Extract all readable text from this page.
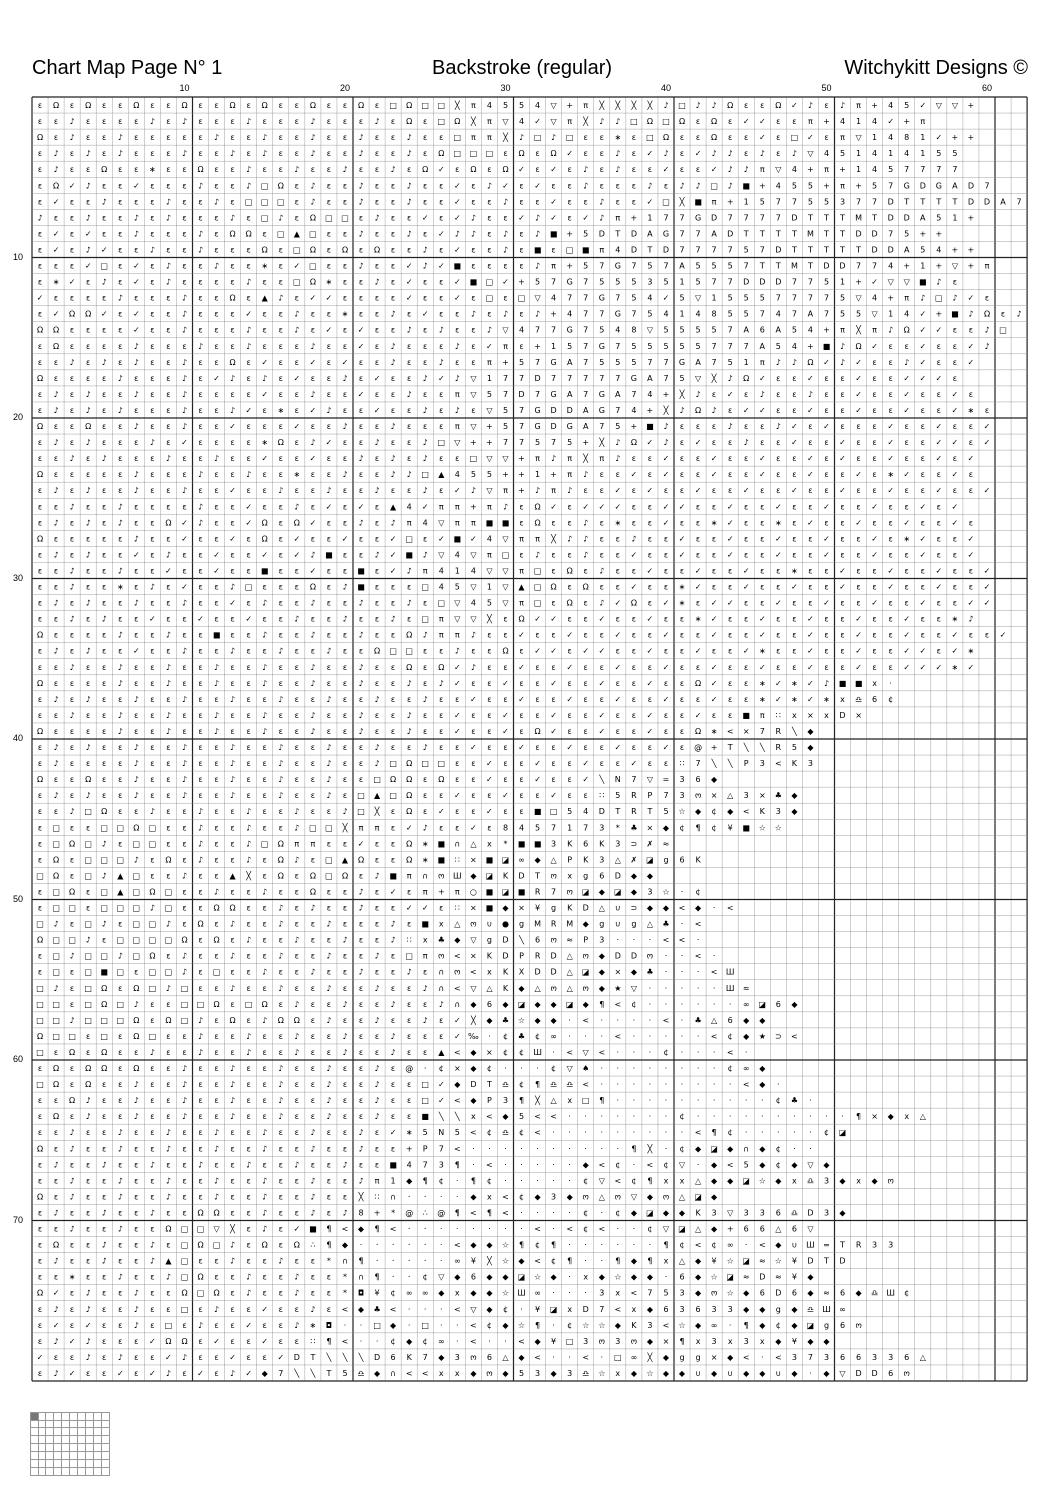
Chart Map Page N° 1	Backstroke (regular)	Witchykitt Designs ©
10	20	30	40	50	60
10
20
30
40
50
60
70
ε Ω ε Ω ε ε Ω ε ε Ω ε ε Ω ε Ω ε ε Ω ε ε Ω ε □ Ω □ □ ╳ π 4 5 5 4 ▽ + π ╳ ╳ ╳ ╳ ♪ □ ♪ ♪ Ω ε ε Ω ✓ ♪ ε ♪ π + 4 5 ✓ ▽ ▽ +
ε ε ♪ ε ε ε ε ♪ ε ♪ ε ε ε ♪ ε ε ε ♪ ε ε ε ♪ ε Ω ε □ Ω ╳ π ▽ 4 ✓ ▽ π ╳ ♪ ♪ □ Ω □ Ω ε Ω ε ✓ ✓ ε ε π + 4 1 4 ✓ + π
Ω ε ♪ ε ε ♪ ε ε ε ε ε ♪ ε ε ♪ ε ε ♪ ε ε ♪ ε ε ♪ ε ε □ π π ╳ ♪ □ ♪ □ ε ε ∗ ε □ Ω ε ε Ω ε ε ✓ ε □ ✓ ε π ▽ 1 4 8 1 ✓ + +
ε ♪ ε ♪ ε ♪ ε ε ε ♪ ε ε ♪ ε ♪ ε ε ♪ ε ε ♪ ε ε ♪ ε Ω □ □ □ ε Ω ε Ω ✓ ε ε ♪ ε ✓ ♪ ε ✓ ♪ ♪ ε ♪ ε ♪ ▽ 4 5 1 4 1 4 1 5 5
ε ♪ ε ε Ω ε ε ∗ ε ε Ω ε ε ♪ ε ε ♪ ε ε ♪ ε ε ♪ ε Ω ✓ ε Ω ε Ω ✓ ε ✓ ε ♪ ε ♪ ε ε ✓ ε ε ✓ ♪ ♪ π ▽ 4 + π + 1 4 5 7 7 7 7
ε Ω ✓ ♪ ε ε ✓ ε ε ε ♪ ε ε ♪ □ Ω ε ♪ ε ε ♪ ε ε ♪ ε ε ✓ ε ♪ ✓ ε ✓ ε ε ♪ ε ε ε ♪ ε ♪ ♪ □ ♪ ■ + 4 5 5 + π + 5 7 G D G A D 7
ε ✓ ε ε ♪ ε ε ε ♪ ε ε ♪ ε □ □ □ ε ♪ ε ε ♪ ε ε ♪ ε ε ✓ ε ε ♪ ε ε ✓ ε ε ♪ ε ε ✓ □ ╳ ■ π + 1 5 7 7 5 5 3 7 7 D T T T T D D A 7
♪ ε ε ♪ ε ε ♪ ε ♪ ε ε ε ♪ ε □ ♪ ε Ω □ □ ε ♪ ε ε ✓ ε ✓ ♪ ε ε ✓ ♪ ✓ ε ✓ ♪ π + 1 7 7 G D 7 7 7 7 D T T T M T D D A 5 1 +
ε ✓ ε ✓ ε ε ♪ ε ε ε ♪ ε Ω Ω ε □ ▲ □ ε ε ♪ ε ε ♪ ε ✓ ♪ ♪ ε ♪ ε ♪ ■ + 5 D T D A G 7 7 A D T T T T M T T D D 7 5 + +
ε ✓ ε ♪ ✓ ε ε ♪ ε ε ♪ ε ε ε Ω ε □ Ω ε Ω ε Ω ε ε ♪ ε ✓ ε ε ♪ ε ■ ε □ ■ π 4 D T D 7 7 7 7 5 7 D T T T T T D D A 5 4 + +
ε ε ε ✓ □ ε ✓ ε ♪ ε ε ♪ ε ε ∗ ε ✓ □ ε ε ♪ ε ε ✓ ♪ ✓ ■ ε ε ε ε ♪ π + 5 7 G 7 5 7 A 5 5 5 7 T T M T D D 7 7 4 + 1 + ▽ + π
ε ∗ ✓ ε ♪ ε ✓ ε ♪ ε ε ε ε ♪ ε ε □ Ω ∗ ε ε ♪ ε ✓ ε ε ✓ ■ □ ✓ + 5 7 G 7 5 5 5 3 5 1 5 7 7 D D D 7 7 5 1 + ✓ ▽ ▽ ■ ♪ ε
✓ ε ε ε ε ♪ ε ε ε ♪ ε ε Ω ε ▲ ♪ ε ✓ ✓ ε ε ε ε ✓ ε ε ✓ ε □ ε □ ▽ 4 7 7 G 7 5 4 ✓ 5 ▽ 1 5 5 5 7 7 7 7 5 ▽ 4 + π ♪ □ ♪ ✓ ε
ε ✓ Ω Ω ✓ ε ✓ ε ε ♪ ε ε ε ✓ ε ε ♪ ε ε ∗ ε ε ♪ ε ✓ ε ε ♪ ε ♪ ε ♪ + 4 7 7 G 7 5 4 1 4 8 5 5 7 4 7 A 7 5 5 ▽ 1 4 ✓ + ■ ♪ Ω ε ♪
Ω Ω ε ε ε ε ✓ ε ε ♪ ε ε ε ♪ ε ε ♪ ε ✓ ε ✓ ε ε ♪ ε ♪ ε ε ♪ ▽ 4 7 7 G 7 5 4 8 ▽ 5 5 5 5 7 A 6 A 5 4 + π ╳ π ♪ Ω ✓ ✓ ε ε ♪ □
ε Ω ε ε ε ε ♪ ε ε ε ♪ ε ε ♪ ε ε ε ♪ ε ε ✓ ε ♪ ε ε ε ♪ ε ✓ π ε + 1 5 7 G 7 5 5 5 5 5 7 7 7 A 5 4 + ■ ♪ Ω ✓ ε ε ✓ ε ε ✓ ♪
ε ε ♪ ε ♪ ε ♪ ε ε ♪ ε ε Ω ε ✓ ε ε ✓ ε ✓ ε ε ♪ ε ε ♪ ε ε π + 5 7 G A 7 5 5 5 7 7 G A 7 5 1 π ♪ ♪ Ω ✓ ♪ ✓ ε ε ♪ ✓ ε ε ✓
Ω ε ε ε ε ♪ ε ε ε ♪ ε ✓ ♪ ε ♪ ε ✓ ε ε ♪ ε ✓ ε ε ♪ ✓ ♪ ▽ 1 7 7 D 7 7 7 7 7 G A 7 5 ▽ ╳ ♪ Ω ✓ ε ε ✓ ε ε ✓ ε ε ✓ ✓ ✓ ε
ε ♪ ε ♪ ε ε ♪ ε ε ♪ ε ε ε ε ✓ ε ε ♪ ε ε ✓ ε ε ♪ ε ε π ▽ 5 7 D 7 G A 7 G A 7 4 + ╳ ♪ ε ✓ ε ♪ ε ε ♪ ε ε ✓ ε ε ✓ ε ε ✓ ε
ε ♪ ε ♪ ε ♪ ε ε ε ♪ ε ε ♪ ✓ ε ∗ ε ✓ ♪ ε ε ✓ ε ε ♪ ε ♪ ε ▽ 5 7 G D D A G 7 4 + ╳ ♪ Ω ♪ ε ✓ ✓ ε ε ✓ ε ε ✓ ε ε ✓ ε ε ✓ ∗ ε
Ω ε ε Ω ε ε ♪ ε ε ♪ ε ε ✓ ε ε ε ✓ ε ε ♪ ε ε ♪ ε ε ε π ▽ + 5 7 G D G A 7 5 + ■ ♪ ε ε ε ♪ ε ε ♪ ✓ ε ✓ ε ε ε ✓ ε ε ✓ ε ε ✓
ε ♪ ε ♪ ε ε ε ♪ ε ✓ ε ε ε ε ∗ Ω ε ♪ ✓ ε ε ♪ ε ε ♪ □ ▽ + + 7 7 5 7 5 + ╳ ♪ Ω ✓ ♪ ε ✓ ε ε ♪ ε ε ✓ ε ε ✓ ε ε ✓ ε ε ✓ ✓ ε ✓
ε ε ♪ ε ♪ ε ε ε ♪ ε ε ♪ ε ε ✓ ε ε ✓ ε ε ♪ ε ♪ ε ♪ ε ε □ ▽ ▽ + π ♪ π ╳ π ♪ ε ε ✓ ε ε ✓ ε ε ✓ ε ε ✓ ε ✓ ε ε ✓ ε ε ✓ ε ✓
Ω ε ε ε ε ε ♪ ε ε ε ♪ ε ε ♪ ε ε ∗ ε ε ♪ ε ε ♪ ♪ □ ▲ 4 5 5 + + 1 + π ♪ ε ε ✓ ε ✓ ε ε ✓ ε ε ✓ ε ε ✓ ε ε ✓ ε ∗ ✓ ε ε ✓ ε
ε ♪ ε ♪ ε ε ♪ ε ε ♪ ε ε ✓ ε ε ♪ ε ε ♪ ε ε ♪ ε ε ♪ ε ✓ ♪ ▽ π + ♪ π ♪ ε ε ✓ ε ✓ ε ε ✓ ε ε ✓ ε ε ✓ ε ε ✓ ε ε ✓ ε ε ✓ ε ε ✓
ε ε ♪ ε ε ♪ ε ε ε ε ♪ ε ε ✓ ε ε ♪ ε ✓ ε ✓ ε ▲ 4 ✓ π π + π ♪ ε Ω ✓ ε ✓ ✓ ✓ ε ε ✓ ✓ ε ε ✓ ε ε ✓ ε ε ✓ ε ε ✓ ε ε ✓ ε ✓
ε ♪ ε ♪ ε ♪ ε ε Ω ✓ ♪ ε ε ✓ Ω ε Ω ✓ ε ε ♪ ε ♪ π 4 ▽ π π ■ ■ ε Ω ε ε ♪ ε ∗ ε ε ✓ ε ε ∗ ✓ ε ε ∗ ε ✓ ε ε ✓ ε ε ✓ ε ε ✓ ε
Ω ε ε ε ε ε ♪ ε ε ✓ ε ε ✓ ε Ω ε ✓ ε ε ✓ ε ε ✓ □ ε ✓ ■ ✓ 4 ▽ π π ╳ ♪ ♪ ε ε ♪ ε ε ✓ ε ε ✓ ε ε ✓ ε ε ✓ ε ε ✓ ε ∗ ✓ ε ε ✓
ε ♪ ε ♪ ε ε ✓ ε ♪ ε ε ✓ ε ε ✓ ε ✓ ♪ ■ ε ε ♪ ✓ ■ ♪ ▽ 4 ▽ π □ ε ♪ ε ε ♪ ε ε ✓ ε ε ✓ ε ε ✓ ε ε ✓ ε ε ✓ ε ε ✓ ε ε ✓ ε ε ✓
ε ε ♪ ε ε ♪ ε ε ✓ ε ε ✓ ε ε ■ ε ε ✓ ε ε ■ ε ✓ ♪ π 4 1 4 ▽ ▽ π □ ε Ω ε ♪ ε ε ✓ ε ε ✓ ε ε ✓ ε ε ∗ ε ε ✓ ε ε ✓ ε ε ✓ ε ε ✓
ε ε ♪ ε ε ∗ ε ♪ ε ✓ ε ε ♪ □ ε ε ε Ω ε ♪ ■ ε ε ε □ 4 5 ▽ 1 ▽ ▲ □ Ω ε Ω ε ε ✓ ε ε ∗ ✓ ε ε ✓ ε ε ✓ ε ε ✓ ε ε ✓ ε ε ✓ ε ε ✓
ε ♪ ε ♪ ε ε ♪ ε ε ♪ ε ε ✓ ε ♪ ε ε ♪ ε ε ♪ ε ε ♪ ε □ ▽ 4 5 ▽ π □ ε Ω ε ♪ ✓ Ω ε ✓ ∗ ε ✓ ✓ ε ε ✓ ε ε ✓ ε ε ✓ ε ε ✓ ε ε ✓ ✓
ε ε ♪ ε ♪ ε ε ✓ ε ε ✓ ε ε ✓ ε ε ♪ ε ε ♪ ε ε ♪ ε □ π ▽ ▽ ╳ ε Ω ✓ ✓ ε ε ✓ ε ε ✓ ε ε ∗ ✓ ε ε ✓ ε ε ✓ ε ε ✓ ε ε ✓ ε ε ∗ ♪
Ω ε ε ε ε ♪ ε ε ♪ ε ε ■ ε ε ♪ ε ε ♪ ε ε ♪ ε ε Ω ♪ π π ♪ ε ε ✓ ε ε ✓ ε ε ✓ ε ε ✓ ε ε ✓ ε ε ✓ ε ε ✓ ε ε ✓ ε ε ✓ ε ε ✓ ε ε ✓
ε ♪ ε ♪ ε ε ✓ ε ε ♪ ε ε ♪ ε ε ♪ ε ε ♪ ε ε Ω □ □ ε ε ♪ ε ε Ω ε ✓ ✓ ε ✓ ✓ ε ε ✓ ε ε ✓ ε ε ✓ ∗ ε ε ✓ ε ε ✓ ε ε ✓ ✓ ε ✓ ∗
ε ε ♪ ε ε ♪ ε ε ♪ ε ε ♪ ε ε ♪ ε ε ♪ ε ε ♪ ε ε Ω ε Ω ✓ ♪ ε ε ✓ ε ε ✓ ε ε ✓ ε ε ✓ ε ε ✓ ε ε ✓ ε ε ✓ ε ε ✓ ε ε ✓ ✓ ✓ ∗ ✓
Ω ε ε ε ε ♪ ε ε ♪ ε ε ♪ ε ε ♪ ε ε ♪ ε ε ♪ ε ε ♪ ε ♪ ✓ ε ε ✓ ε ε ✓ ε ε ✓ ε ε ✓ ε ε Ω ✓ ε ε ∗ ✓ ∗ ✓ ♪ ■ ■ x ·
ε ♪ ε ♪ ε ε ♪ ε ε ♪ ε ε ♪ ε ε ♪ ε ε ♪ ε ε ♪ ε ε ♪ ε ε ✓ ε ε ✓ ε ε ✓ ε ε ✓ ε ε ✓ ε ε ✓ ε ε ∗ ✓ ∗ ✓ ∗ x ♎ 6 ¢
ε ε ♪ ε ε ♪ ε ε ♪ ε ε ♪ ε ε ♪ ε ε ♪ ε ε ♪ ε ε ♪ ε ε ✓ ε ε ✓ ε ε ✓ ε ε ✓ ε ε ✓ ε ε ✓ ε ε ■ π ∷ x × x D ×
Ω ε ε ε ε ♪ ε ε ♪ ε ε ♪ ε ε ♪ ε ε ♪ ε ε ♪ ε ε ♪ ε ε ✓ ε ε ✓ ε Ω ✓ ε ε ✓ ε ε ✓ ε ε Ω ∗ < × 7 R ╲ ◆
ε ♪ ε ♪ ε ε ♪ ε ε ♪ ε ε ♪ ε ε ♪ ε ε ♪ ε ε ♪ ε ε ♪ ε ε ✓ ε ε ✓ ε ε ✓ ε ε ✓ ε ε ✓ ε @ + T ╲ ╲ R 5 ◆
ε ♪ ε ε ε ε ♪ ε ε ♪ ε ε ♪ ε ε ♪ ε ε ♪ ε ε ♪ □ Ω □ □ ε ε ✓ ε ε ✓ ε ε ✓ ε ε ✓ ε ε ∷ 7 ╲ ╲ P 3 < K 3
Ω ε ε Ω ε ε ♪ ε ε ♪ ε ε ♪ ε ε ♪ ε ε ♪ ε ε □ Ω Ω ε Ω ε ε ✓ ε ε ✓ ε ε ✓ ╲ N 7 ▽ = 3 6 ◆
ε ♪ ε ♪ ε ε ♪ ε ε ♪ ε ε ♪ ε ε ♪ ε ε ♪ ε □ ▲ □ Ω ε ε ✓ ε ε ✓ ε ε ✓ ε ε ∷ 5 R P 7 3 ო × △ 3 × ♣ ◆
ε ε ♪ □ Ω ε ε ♪ ε ε ♪ ε ε ♪ ε ε ♪ ε ε ♪ □ ╳ ε Ω ε ✓ ε ε ✓ ε ε ■ □ 5 4 D T R T 5 ☆ ◆ ¢ ◆ < K 3 ◆
ε □ ε ε □ □ Ω □ ε ε ♪ ε ε ♪ ε ε ♪ □ □ ╳ π π ε ✓ ♪ ε ε ✓ ε 8 4 5 7 1 7 3 * ♣ × ◆ ¢ ¶ ¢ ¥ ■ ☆ ☆
ε □ Ω □ ♪ ε □ □ ε ε ♪ ε ε ♪ □ Ω π π ε ε ✓ ε ε Ω ∗ ■ ∩ △ x * ■ ■ 3 K 6 K 3 ⊃ ✗ ≈
ε Ω ε □ □ □ ♪ ε Ω ε ♪ ε ε ♪ ε Ω ♪ ε □ ▲ Ω ε ε Ω ∗ ■ ∷ × ■ ◪ ∞ ◆ △ P K 3 △ ✗ ◪ g 6 K
□ Ω ε □ ♪ ▲ □ ε ε ♪ ε ε ▲ ╳ ε Ω ε Ω □ Ω ε ♪ ■ π ∩ ო Ш ◆ ◪ K D T ო x g 6 D ◆ ◆
ε □ Ω ε □ ▲ □ Ω □ ε ε ♪ ε ε ♪ ε ε Ω ε ε ♪ ε ✓ ε π + π ○ ■ ◪ ■ R 7 ო ◪ ◆ ◪ ◆ 3 ☆ · ¢
ε □ □ ε □ □ □ ♪ □ ε ε Ω Ω ε ε ♪ ε ♪ ε ε ♪ ε ε ✓ ✓ ε ∷ × ■ ◆ × ¥ g K D △ ∪ ⊃ ◆ ◆ < ◆ · <
□ ♪ ε □ ♪ ε □ □ ♪ ε Ω ε ♪ ε ε ♪ ε ε ♪ ε ε ε ♪ ε ■ x △ ო ∪ ● g M R M ◆ g ∪ g △ ♣ · <
Ω □ □ ♪ ε □ □ □ □ Ω ε Ω ε ♪ ε ε ♪ ε ε ♪ ε ε ♪ ∷ x ♣ ◆ ▽ g D ╲ 6 ო ≈ P 3 · · · < < ·
ε □ ♪ □ □ ♪ □ Ω ε ♪ ε ε ♪ ε ε ♪ ε ε ♪ ε ε ♪ ε □ π ო < × K D P R D △ ო ◆ D D ო · · < ·
ε □ ε □ ■ □ ε □ □ ♪ ε □ ε ε ♪ ε ε ♪ ε ε ♪ ε ε ♪ ε ∩ ო < x K X D D △ ◪ ◆ × ◆ ♣ · · · < Ш
□ ♪ ε □ Ω ε Ω □ ♪ □ ε ε ♪ ε ε ♪ ε ε ♪ ε ε ♪ ε ε ♪ ∩ < ▽ △ K ◆ △ ო △ ო ◆ ★ ▽ · · · · · Ш ≈
□ □ ε □ Ω □ ♪ ε ε □ □ Ω ε □ Ω ε ♪ ε ε ♪ ε ε ♪ ε ε ♪ ∩ ◆ 6 ◆ ◪ ◆ ◆ ◪ ◆ ¶ < ¢ · · · · · · ∞ ◪ 6 ◆
□ □ ♪ □ □ □ Ω ε Ω □ ♪ ε Ω ε ♪ Ω Ω ε ♪ ε ε ♪ ε ε ♪ ε ✓ ╳ ◆ ♣ ☆ ◆ ◆ · < · · · · < · ♣ △ 6 ◆ ◆
Ω □ □ ε □ ε Ω □ ε ε ♪ ε ε ♪ ε ε ♪ ε ε ♪ ε ε ♪ ε ε ε ✓ ‰ · ¢ ♣ ¢ ∞ · · · < · · · · · < ¢ ◆ ★ ⊃ <
□ ε Ω ε Ω ε ε ♪ ε ε ♪ ε ε ♪ ε ε ♪ ε ε ♪ ε ε ♪ ε ε ▲ < ◆ × ¢ ¢ Ш · < ▽ < · · · ¢ · · · < ·
ε Ω ε Ω Ω ε Ω ε ε ♪ ε ε ♪ ε ε ♪ ε ε ♪ ε ε ♪ ε @ · ¢ × ◆ ¢ · · · ¢ ▽ ♠ · · · · · · · · ¢ ∞ ◆
□ Ω ε Ω ε ε ♪ ε ε ♪ ε ε ♪ ε ε ♪ ε ε ♪ ε ε ♪ ε ε □ ✓ ◆ D T ♎ ¢ ¶ ♎ ♎ < · · · · · · · · · < ◆ ·
ε ε Ω ♪ ε ε ♪ ε ε ♪ ε ε ♪ ε ε ♪ ε ε ♪ ε ε ♪ ε ε □ ✓ < ◆ P 3 ¶ ╳ △ x □ ¶ · · · · · · · · · · ¢ ♣ ·
ε Ω ε ♪ ε ε ♪ ε ε ♪ ε ε ♪ ε ε ♪ ε ε ♪ ε ε ♪ ε ε ■ ╲ ╲ x < ◆ 5 < < · · · · · · · ¢ · · · · · · · · · · ¶ × ◆ x △
ε ε ♪ ε ε ♪ ε ε ♪ ε ε ♪ ε ε ♪ ε ε ♪ ε ε ♪ ε ✓ ∗ 5 N 5 < ¢ ♎ ¢ < · · · · · · · · · < ¶ ¢ · · · · · ¢ ◪
Ω ε ♪ ε ε ♪ ε ε ♪ ε ε ♪ ε ε ♪ ε ε ♪ ε ε ♪ ε ε + P 7 < · · · · · · · · · · ¶ ╳ · ¢ ◆ ◪ ◆ ∩ ◆ ¢ · ·
ε ♪ ε ε ♪ ε ε ♪ ε ε ♪ ε ε ♪ ε ε ♪ ε ε ♪ ε ε ■ 4 7 3 ¶ · < · · · · · ◆ < ¢ · < ¢ ▽ · ◆ < 5 ◆ ¢ ◆ ▽ ◆
ε ε ♪ ε ε ♪ ε ε ♪ ε ε ♪ ε ε ♪ ε ε ♪ ε ε ♪ π 1 ◆ ¶ ¢ · ¶ ¢ · · · · · ¢ ▽ < ¢ ¶ x x △ ◆ ◆ ◪ ☆ ◆ x ♎ 3 ◆ x ◆ ო
Ω ε ♪ ε ε ♪ ε ε ♪ ε ε ♪ ε ε ♪ ε ε ♪ ε ε ╳ ∷ ∩ · · · · ◆ x < ¢ ◆ 3 ◆ ო △ ო ▽ ◆ ო △ ◪ ◆
ε ♪ ε ε ♪ ε ε ♪ ε ε Ω Ω ε ε ♪ ε ε ♪ ε ♪ 8 + * @ ∴ @ ¶ < ¶ < · · · · ¢ · ¢ ◆ ◪ ◆ ◆ K 3 ▽ 3 3 6 ♎ D 3 ◆
ε ε ♪ ε ε ♪ ε ε Ω □ □ ▽ ╳ ε ♪ ε ✓ ■ ¶ < ◆ ¶ < · · · · · · · · < · < ¢ < · · ¢ ▽ ◪ △ ◆ + 6 6 △ 6 ▽
ε Ω ε ε ♪ ε ε ♪ ε □ Ω □ ♪ ε Ω ε Ω ∴ ¶ ◆ · · · · · · < ◆ ◆ ☆ ¶ ¢ ¶ · · · · · · ¶ ¢ < ¢ ∞ · < ◆ ∪ Ш = T R 3 3
ε ♪ ε ε ♪ ε ε ♪ ▲ □ ε ε ♪ ε ε ♪ ε ε * ∩ ¶ · · · · · ∞ ¥ ╳ ☆ ◆ < ¢ ¶ · · ¶ ◆ ¶ x △ ◆ ¥ ☆ ◪ ≈ ☆ ¥ D T D
ε ε ∗ ε ε ♪ ε ε ♪ □ Ω ε ε ♪ ε ε ♪ ε ε * ∩ ¶ · · ¢ ▽ ◆ 6 ◆ ◆ ◪ ☆ ◆ · x ◆ ☆ ◆ ◆ · 6 ◆ ☆ ◪ ≈ D ≈ ¥ ◆
Ω ✓ ε ♪ ε ε ♪ ε ε Ω □ Ω ε ♪ ε ε ♪ ε ε * ◘ ¥ ¢ ∞ ∞ ◆ x ◆ ◆ ☆ Ш ∞ · · · 3 x < 7 5 3 ◆ ო ☆ ◆ 6 D 6 ◆ ≈ 6 ◆ ♎ Ш ¢
ε ♪ ε ♪ ε ε ♪ ε ε □ ε ♪ ε ε ✓ ε ε ♪ ε < ◆ ♣ < · · · < ▽ ◆ ¢ · ¥ ◪ x D 7 < x ◆ 6 3 6 3 3 ◆ ◆ g ◆ ♎ Ш ∞
ε ✓ ε ✓ ε ε ♪ ε □ ε ♪ ε ε ✓ ε ε ♪ ∗ ◘ · · □ ◆ · □ · · < ¢ ◆ ☆ ¶ · ¢ ☆ ☆ ◆ K 3 < ☆ ◆ ∞ · ¶ ◆ ¢ ◆ ◪ g 6 ო
ε ♪ ✓ ♪ ε ε ε ✓ Ω Ω ε ✓ ε ε ✓ ε ε ∷ ¶ < · · ¢ ◆ ¢ ∞ · < · · < ◆ ¥ □ 3 ო 3 ო ◆ × ¶ x 3 x 3 x ◆ ¥ ◆ ◆
✓ ε ε ♪ ε ♪ ε ε ✓ ♪ ε ε ✓ ε ε ✓ D T ╲ ╲ ╲ D 6 K 7 ◆ 3 ო 6 △ ◆ < · · < · □ ∞ ╳ ◆ g g × ◆ < · < 3 7 3 6 6 3 3 6 △
ε ♪ ✓ ε ε ✓ ε ✓ ♪ ε ✓ ε ♪ ✓ ◆ 7 ╲ ╲ T 5 ♎ ◆ ∩ < < x x ◆ ო ◆ 5 3 ◆ 3 ♎ ☆ x ◆ ☆ ◆ ◆ ∪ ◆ ∪ ◆ ◆ ∪ ◆ · ◆ ▽ D D 6 ო
